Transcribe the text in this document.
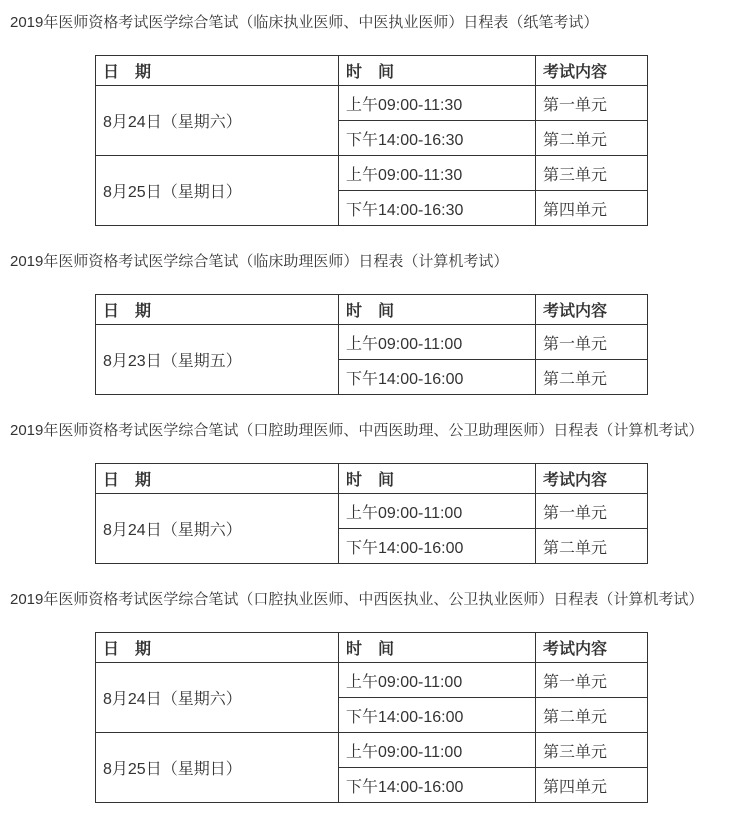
2019年医师资格考试医学综合笔试（临床执业医师、中医执业医师）日程表（纸笔考试）
日　期	时　间	考试内容
8月24日（星期六）	上午09:00-11:30	第一单元
	下午14:00-16:30	第二单元
8月25日（星期日）	上午09:00-11:30	第三单元
	下午14:00-16:30	第四单元
2019年医师资格考试医学综合笔试（临床助理医师）日程表（计算机考试）
日　期	时　间	考试内容
8月23日（星期五）	上午09:00-11:00	第一单元
	下午14:00-16:00	第二单元
2019年医师资格考试医学综合笔试（口腔助理医师、中西医助理、公卫助理医师）日程表（计算机考试）
日　期	时　间	考试内容
8月24日（星期六）	上午09:00-11:00	第一单元
	下午14:00-16:00	第二单元
2019年医师资格考试医学综合笔试（口腔执业医师、中西医执业、公卫执业医师）日程表（计算机考试）
日　期	时　间	考试内容
8月24日（星期六）	上午09:00-11:00	第一单元
	下午14:00-16:00	第二单元
8月25日（星期日）	上午09:00-11:00	第三单元
	下午14:00-16:00	第四单元
